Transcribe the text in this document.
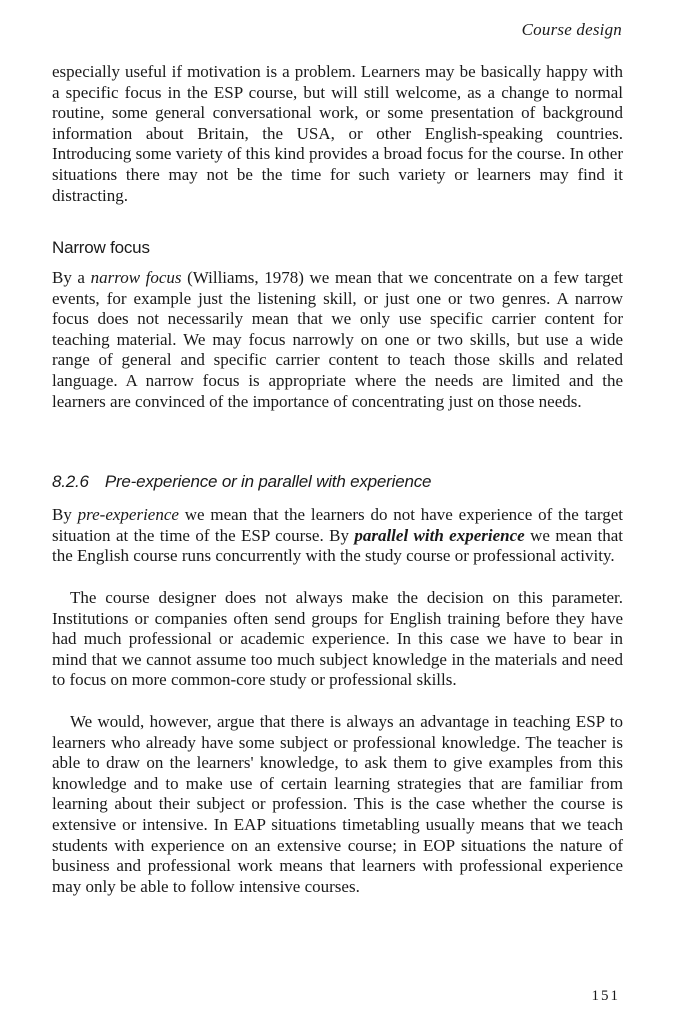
Course design

especially useful if motivation is a problem. Learners may be basically happy with a specific focus in the ESP course, but will still welcome, as a change to normal routine, some general conversational work, or some presentation of background information about Britain, the USA, or other English-speaking countries. Introducing some variety of this kind provides a broad focus for the course. In other situations there may not be the time for such variety or learners may find it distracting.

Narrow focus

By a narrow focus (Williams, 1978) we mean that we concentrate on a few target events, for example just the listening skill, or just one or two genres. A narrow focus does not necessarily mean that we only use specific carrier content for teaching material. We may focus narrowly on one or two skills, but use a wide range of general and specific carrier content to teach those skills and related language. A narrow focus is appropriate where the needs are limited and the learners are convinced of the importance of concentrating just on those needs.

8.2.6 Pre-experience or in parallel with experience

By pre-experience we mean that the learners do not have experience of the target situation at the time of the ESP course. By parallel with experience we mean that the English course runs concurrently with the study course or professional activity.

The course designer does not always make the decision on this parameter. Institutions or companies often send groups for English training before they have had much professional or academic experience. In this case we have to bear in mind that we cannot assume too much subject knowledge in the materials and need to focus on more common-core study or professional skills.

We would, however, argue that there is always an advantage in teaching ESP to learners who already have some subject or professional knowledge. The teacher is able to draw on the learners' knowledge, to ask them to give examples from this knowledge and to make use of certain learning strategies that are familiar from learning about their subject or profession. This is the case whether the course is extensive or intensive. In EAP situations timetabling usually means that we teach students with experience on an extensive course; in EOP situations the nature of business and professional work means that learners with professional experience may only be able to follow intensive courses.

151
